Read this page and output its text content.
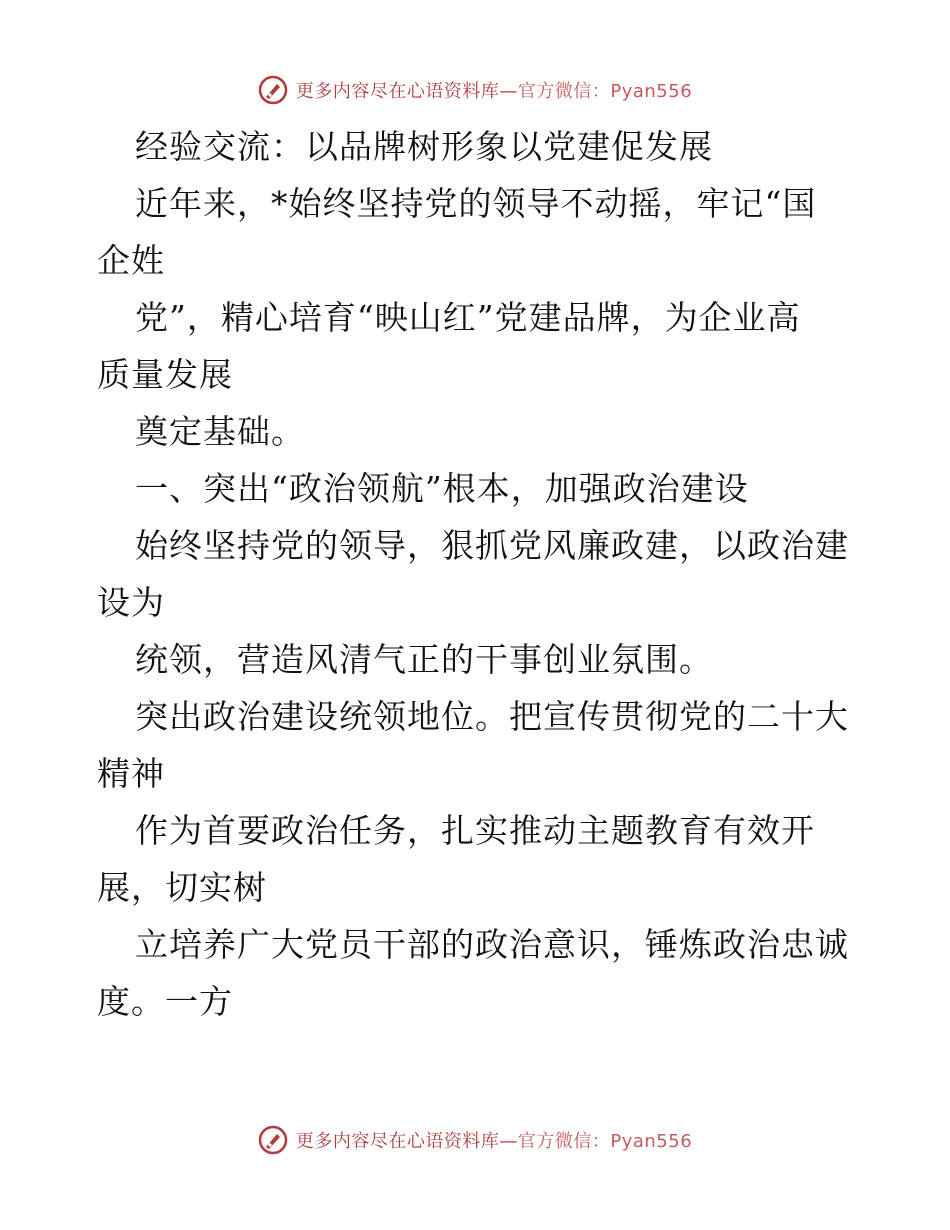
更多内容尽在心语资料库—官方微信：Pyan556

经验交流：以品牌树形象以党建促发展

近年来，*始终坚持党的领导不动摇，牢记“国

企姓

党”，精心培育“映山红”党建品牌，为企业高

质量发展

奠定基础。

一、突出“政治领航”根本，加强政治建设

始终坚持党的领导，狠抓党风廉政建，以政治建

设为

统领，营造风清气正的干事创业氛围。

突出政治建设统领地位。把宣传贯彻党的二十大

精神

作为首要政治任务，扎实推动主题教育有效开

展，切实树

立培养广大党员干部的政治意识，锤炼政治忠诚

度。一方

更多内容尽在心语资料库—官方微信：Pyan556
